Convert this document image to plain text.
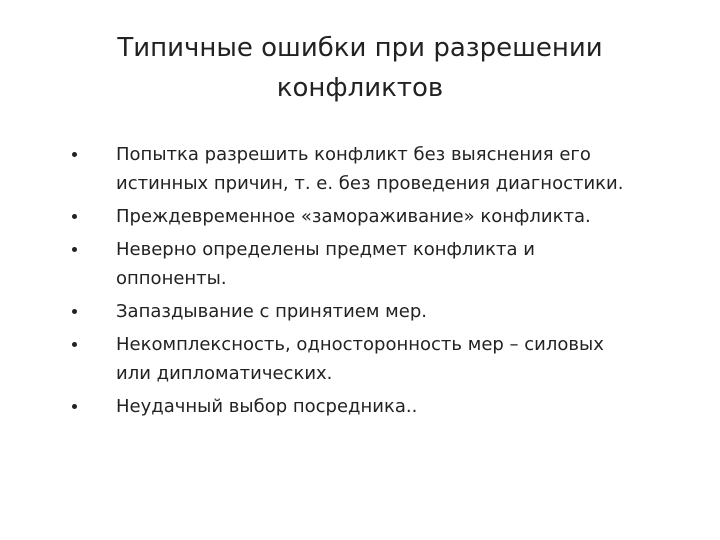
Типичные ошибки при разрешении
конфликтов
Попытка разрешить конфликт без выяснения его
истинных причин, т. е. без проведения диагностики.
Преждевременное «замораживание» конфликта.
Неверно определены предмет конфликта и
оппоненты.
Запаздывание с принятием мер.
Некомплексность, односторонность мер – силовых
или дипломатических.
Неудачный выбор посредника..
